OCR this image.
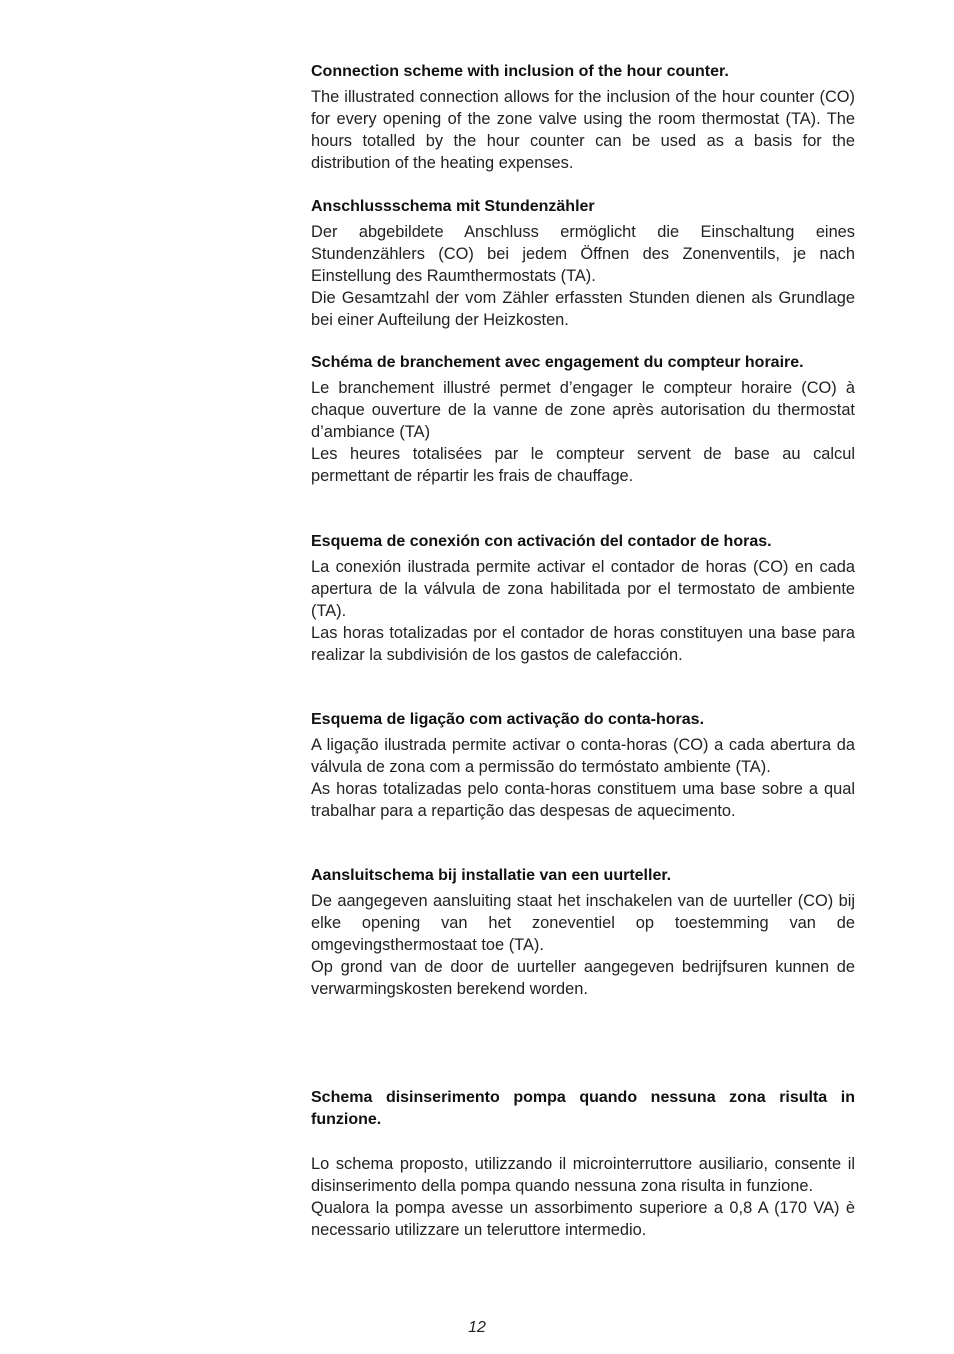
Connection scheme with inclusion of the hour counter.

The illustrated connection allows for the inclusion of the hour counter (CO) for every opening of the zone valve using the room thermostat (TA). The hours totalled by the hour counter can be used as a basis for the distribution of the heating expenses.

Anschlussschema mit Stundenzähler

Der abgebildete Anschluss ermöglicht die Einschaltung eines Stundenzählers (CO) bei jedem Öffnen des Zonenventils, je nach Einstellung des Raumthermostats (TA).

Die Gesamtzahl der vom Zähler erfassten Stunden dienen als Grundlage bei einer Aufteilung der Heizkosten.

Schéma de branchement avec engagement du compteur horaire.

Le branchement illustré permet d’engager le compteur horaire (CO) à chaque ouverture de la vanne de zone après autorisation du thermostat d’ambiance (TA)

Les heures totalisées par le compteur servent de base au calcul permettant de répartir les frais de chauffage.

Esquema de conexión con activación del contador de horas.

La conexión ilustrada permite activar el contador de horas (CO) en cada apertura de la válvula de zona habilitada por el termostato de ambiente (TA).

Las horas totalizadas por el contador de horas constituyen una base para realizar la subdivisión de los gastos de calefacción.

Esquema de ligação com activação do conta-horas.

A ligação ilustrada permite activar o conta-horas (CO) a cada abertura da válvula de zona com a permissão do termóstato ambiente (TA).

As horas totalizadas pelo conta-horas constituem uma base sobre a qual trabalhar para a repartição das despesas de aquecimento.

Aansluitschema bij installatie van een uurteller.

De aangegeven aansluiting staat het inschakelen van de uurteller (CO) bij elke opening van het zoneventiel op toestemming van de omgevingsthermostaat toe (TA).

Op grond van de door de uurteller aangegeven bedrijfsuren kunnen de verwarmingskosten berekend worden.

Schema disinserimento pompa quando nessuna zona risulta in funzione.

Lo schema proposto, utilizzando il microinterruttore ausiliario, consente il disinserimento della pompa quando nessuna zona risulta in funzione.

Qualora la pompa avesse un assorbimento superiore a 0,8 A (170 VA) è necessario utilizzare un teleruttore intermedio.

12
